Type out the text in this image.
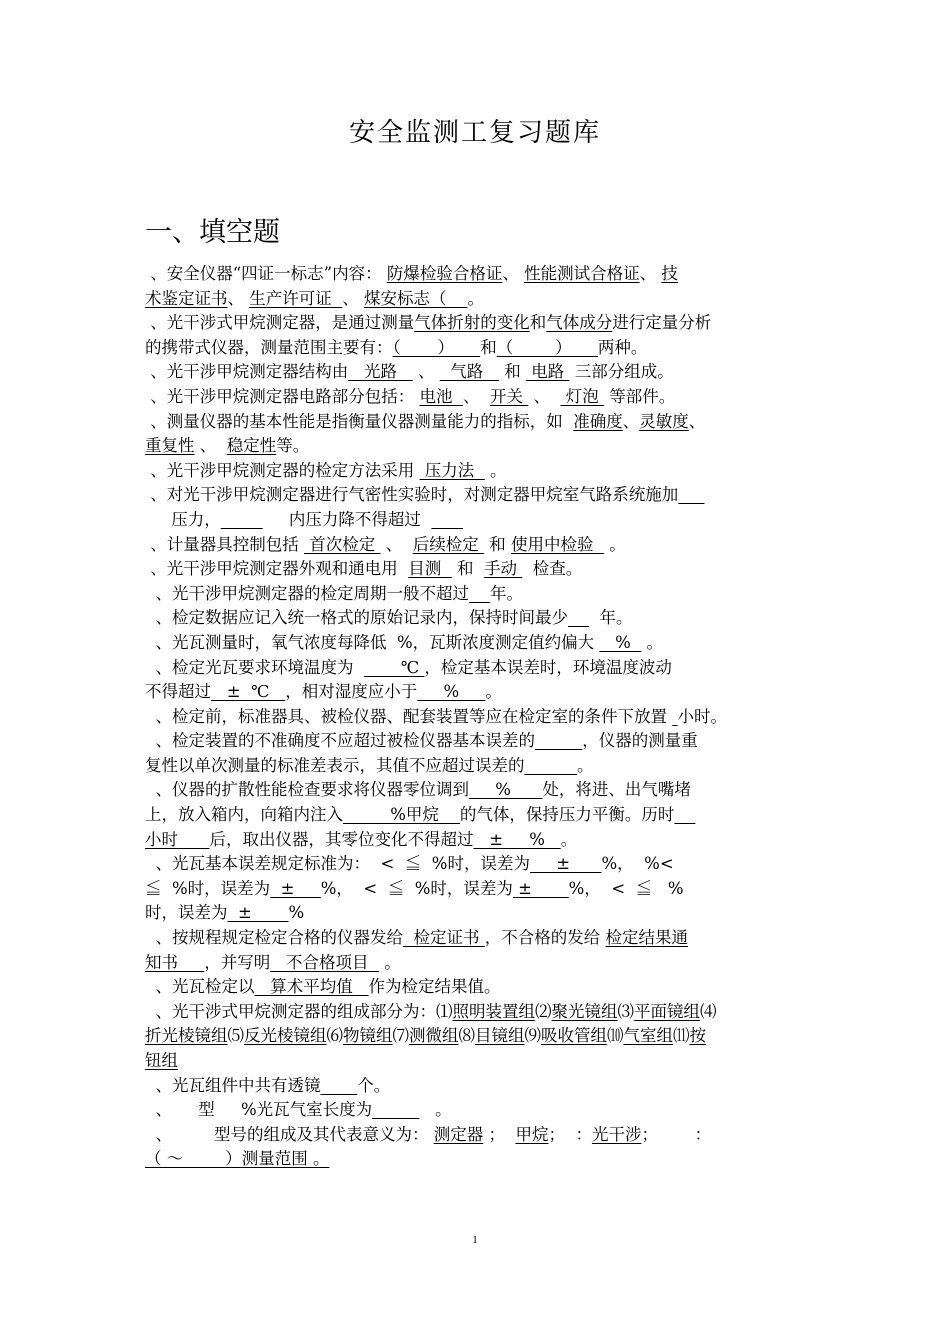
安全监测工复习题库
一、填空题
、安全仪器“四证一标志”内容： 防爆检验合格证、 性能测试合格证、 技
术鉴定证书、 生产许可证  、 煤安标志（    。
、光干涉式甲烷测定器，是通过测量气体折射的变化和气体成分进行定量分析
的携带式仪器，测量范围主要有：（       ）     和（        ）     两种。
、光干涉甲烷测定器结构由   光路    、   气路    和  电路  三部分组成。
、光干涉甲烷测定器电路部分包括： 电池  、  开关  、   灯泡  等部件。
、测量仪器的基本性能是指衡量仪器测量能力的指标，如  准确度、灵敏度、
重复性 、  稳定性等。
、光干涉甲烷测定器的检定方法采用  压力法   。
、对光干涉甲烷测定器进行气密性实验时，对测定器甲烷室气路系统施加
压力，	内压力降不得超过
、计量器具控制包括  首次检定  、  后续检定  和 使用中检验   。
、光干涉甲烷测定器外观和通电用  目测   和  手动   检查。
、光干涉甲烷测定器的检定周期一般不超过 年。
、检定数据应记入统一格式的原始记录内，保持时间最少      年。
、光瓦测量时，氧气浓度每降低  %，瓦斯浓度测定值约偏大    %   。
、检定光瓦要求环境温度为         ℃ ，检定基本误差时，环境温度波动
不得超过   ±  ℃   ，相对湿度应小于     %     。
、检定前，标准器具、被检仪器、配套装置等应在检定室的条件下放置  小时。
、检定装置的不准确度不应超过被检仪器基本误差的	，仪器的测量重
复性以单次测量的标准差表示，其值不应超过误差的	。
、仪器的扩散性能检查要求将仪器零位调到     %      处，将进、出气嘴堵
上，放入箱内，向箱内注入         %甲烷    的气体，保持压力平衡。历时
小时 后，取出仪器，其零位变化不得超过   ±     %   。
、光瓦基本误差规定标准为：  <  ≦  %时，误差为     ±      %，  %<
≦  %时，误差为  ±     %，  <  ≦  %时，误差为 ±       %，  <  ≦   %
时，误差为  ±       %
、按规程规定检定合格的仪器发给  检定证书 ，不合格的发给 检定结果通
知书 ，并写明   不合格项目   。
、光瓦检定以   算术平均值   作为检定结果值。
、光干涉式甲烷测定器的组成部分为：⑴照明装置组⑵聚光镜组⑶平面镜组⑷
折光棱镜组⑸反光棱镜组⑹物镜组⑺测微组⑻目镜组⑼吸收管组⑽气室组⑾按
钮组
、光瓦组件中共有透镜 个。
、     型     %光瓦气室长度为	。
、        型号的组成及其代表意义为： 测定器 ；  甲烷；  ：光干涉；       ：
（ ～        ）测量范围 。
1
